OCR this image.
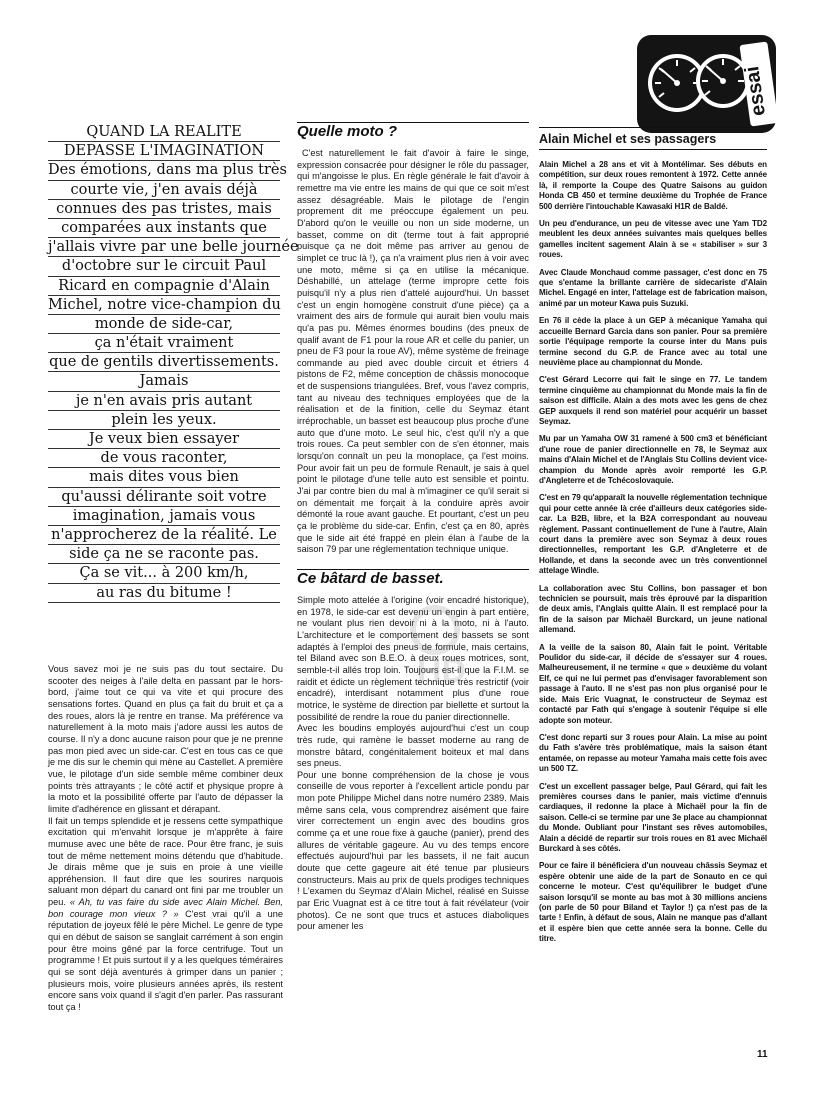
essai

QUAND LA REALITE

DEPASSE L'IMAGINATION

Des émotions, dans ma plus très

courte vie, j'en avais déjà

connues des pas tristes, mais

comparées aux instants que

j'allais vivre par une belle journée

d'octobre sur le circuit Paul

Ricard en compagnie d'Alain

Michel, notre vice-champion du

monde de side-car,

ça n'était vraiment

que de gentils divertissements.

Jamais

je n'en avais pris autant

plein les yeux.

Je veux bien essayer

de vous raconter,

mais dites vous bien

qu'aussi délirante soit votre

imagination, jamais vous

n'approcherez de la réalité. Le

side ça ne se raconte pas.

Ça se vit... à 200 km/h,

au ras du bitume !

Vous savez moi je ne suis pas du tout sectaire. Du scooter des neiges à l'aile delta en passant par le hors-bord, j'aime tout ce qui va vite et qui procure des sensations fortes. Quand en plus ça fait du bruit et ça a des roues, alors là je rentre en transe. Ma préférence va naturellement à la moto mais j'adore aussi les autos de course. Il n'y a donc aucune raison pour que je ne prenne pas mon pied avec un side-car. C'est en tous cas ce que je me dis sur le chemin qui mène au Castellet. A première vue, le pilotage d'un side semble même combiner deux points très attrayants ; le côté actif et physique propre à la moto et la possibilité offerte par l'auto de dépasser la limite d'adhérence en glissant et dérapant.

Il fait un temps splendide et je ressens cette sympathique excitation qui m'envahit lorsque je m'apprête à faire mumuse avec une bête de race. Pour être franc, je suis tout de même nettement moins détendu que d'habitude. Je dirais même que je suis en proie à une vieille appréhension. Il faut dire que les sourires narquois saluant mon départ du canard ont fini par me troubler un peu. « Ah, tu vas faire du side avec Alain Michel. Ben, bon courage mon vieux ? » C'est vrai qu'il a une réputation de joyeux fêlé le père Michel. Le genre de type qui en début de saison se sanglait carrément à son engin pour être moins gêné par la force centrifuge. Tout un programme ! Et puis surtout il y a les quelques téméraires qui se sont déjà aventurés à grimper dans un panier ; plusieurs mois, voire plusieurs années après, ils restent encore sans voix quand il s'agit d'en parler. Pas rassurant tout ça !

Quelle moto ?

C'est naturellement le fait d'avoir à faire le singe, expression consacrée pour désigner le rôle du passager, qui m'angoisse le plus. En règle générale le fait d'avoir à remettre ma vie entre les mains de qui que ce soit m'est assez désagréable. Mais le pilotage de l'engin proprement dit me préoccupe également un peu. D'abord qu'on le veuille ou non un side moderne, un basset, comme on dit (terme tout à fait approprié puisque ça ne doit même pas arriver au genou de simplet ce truc là !), ça n'a vraiment plus rien à voir avec une moto, même si ça en utilise la mécanique. Déshabillé, un attelage (terme impropre cette fois puisqu'il n'y a plus rien d'attelé aujourd'hui. Un basset c'est un engin homogène construit d'une pièce) ça a vraiment des airs de formule qui aurait bien voulu mais qu'a pas pu. Mêmes énormes boudins (des pneux de qualif avant de F1 pour la roue AR et celle du panier, un pneu de F3 pour la roue AV), même système de freinage commande au pied avec double circuit et étriers 4 pistons de F2, même conception de châssis monocoque et de suspensions triangulées. Bref, vous l'avez compris, tant au niveau des techniques employées que de la réalisation et de la finition, celle du Seymaz étant irréprochable, un basset est beaucoup plus proche d'une auto que d'une moto. Le seul hic, c'est qu'il n'y a que trois roues. Ca peut sembler con de s'en étonner, mais lorsqu'on connaît un peu la monoplace, ça l'est moins. Pour avoir fait un peu de formule Renault, je sais à quel point le pilotage d'une telle auto est sensible et pointu. J'ai par contre bien du mal à m'imaginer ce qu'il serait si on démentait me forçait à la conduire après avoir démonté la roue avant gauche. Et pourtant, c'est un peu ça le problème du side-car. Enfin, c'est ça en 80, après que le side ait été frappé en plein élan à l'aube de la saison 79 par une réglementation technique unique.

Ce bâtard de basset.

Simple moto attelée à l'origine (voir encadré historique), en 1978, le side-car est devenu un engin à part entière, ne voulant plus rien devoir ni à la moto, ni à l'auto. L'architecture et le comportement des bassets se sont adaptés à l'emploi des pneus de formule, mais certains, tel Biland avec son B.E.O. à deux roues motrices, sont, semble-t-il allés trop loin. Toujours est-il que la F.I.M. se raidit et édicte un règlement technique très restrictif (voir encadré), interdisant notamment plus d'une roue motrice, le système de direction par biellette et surtout la possibilité de rendre la roue du panier directionnelle.

Avec les boudins employés aujourd'hui c'est un coup très rude, qui ramène le basset moderne au rang de monstre bâtard, congénitalement boiteux et mal dans ses pneus.

Pour une bonne compréhension de la chose je vous conseille de vous reporter à l'excellent article pondu par mon pote Philippe Michel dans notre numéro 2389. Mais même sans cela, vous comprendrez aisément que faire virer correctement un engin avec des boudins gros comme ça et une roue fixe à gauche (panier), prend des allures de véritable gageure. Au vu des temps encore effectués aujourd'hui par les bassets, il ne fait aucun doute que cette gageure ait été tenue par plusieurs constructeurs. Mais au prix de quels prodiges techniques ! L'examen du Seymaz d'Alain Michel, réalisé en Suisse par Eric Vuagnat est à ce titre tout à fait révélateur (voir photos). Ce ne sont que trucs et astuces diaboliques pour amener les

HD
Alain Michel et ses passagers

Alain Michel a 28 ans et vit à Montélimar. Ses débuts en compétition, sur deux roues remontent à 1972. Cette année là, il remporte la Coupe des Quatre Saisons au guidon Honda CB 450 et termine deuxième du Trophée de France 500 derrière l'intouchable Kawasaki H1R de Baldé.

Un peu d'endurance, un peu de vitesse avec une Yam TD2 meublent les deux années suivantes mais quelques belles gamelles incitent sagement Alain à se « stabiliser » sur 3 roues.

Avec Claude Monchaud comme passager, c'est donc en 75 que s'entame la brillante carrière de sidecariste d'Alain Michel. Engagé en inter, l'attelage est de fabrication maison, animé par un moteur Kawa puis Suzuki.

En 76 il cède la place à un GEP à mécanique Yamaha qui accueille Bernard Garcia dans son panier. Pour sa première sortie l'équipage remporte la course inter du Mans puis termine second du G.P. de France avec au total une neuvième place au championnat du Monde.

C'est Gérard Lecorre qui fait le singe en 77. Le tandem termine cinquième au championnat du Monde mais la fin de saison est difficile. Alain a des mots avec les gens de chez GEP auxquels il rend son matériel pour acquérir un basset Seymaz.

Mu par un Yamaha OW 31 ramené à 500 cm3 et bénéficiant d'une roue de panier directionnelle en 78, le Seymaz aux mains d'Alain Michel et de l'Anglais Stu Collins devient vice-champion du Monde après avoir remporté les G.P. d'Angleterre et de Tchécoslovaquie.

C'est en 79 qu'apparaît la nouvelle réglementation technique qui pour cette année là crée d'ailleurs deux catégories side-car. La B2B, libre, et la B2A correspondant au nouveau règlement. Passant continuellement de l'une à l'autre, Alain court dans la première avec son Seymaz à deux roues directionnelles, remportant les G.P. d'Angleterre et de Hollande, et dans la seconde avec un très conventionnel attelage Windle.

La collaboration avec Stu Collins, bon passager et bon technicien se poursuit, mais très éprouvé par la disparition de deux amis, l'Anglais quitte Alain. Il est remplacé pour la fin de la saison par Michaël Burckard, un jeune national allemand.

A la veille de la saison 80, Alain fait le point. Véritable Poulidor du side-car, il décide de s'essayer sur 4 roues. Malheureusement, il ne termine « que » deuxième du volant Elf, ce qui ne lui permet pas d'envisager favorablement son passage à l'auto. Il ne s'est pas non plus organisé pour le side. Mais Eric Vuagnat, le constructeur de Seymaz est contacté par Fath qui s'engage à soutenir l'équipe si elle adopte son moteur.

C'est donc reparti sur 3 roues pour Alain. La mise au point du Fath s'avère très problématique, mais la saison étant entamée, on repasse au moteur Yamaha mais cette fois avec un 500 TZ.

C'est un excellent passager belge, Paul Gérard, qui fait les premières courses dans le panier, mais victime d'ennuis cardiaques, il redonne la place à Michaël pour la fin de saison. Celle-ci se termine par une 3e place au championnat du Monde. Oubliant pour l'instant ses rêves automobiles, Alain a décidé de repartir sur trois roues en 81 avec Michaël Burckard à ses côtés.

Pour ce faire il bénéficiera d'un nouveau châssis Seymaz et espère obtenir une aide de la part de Sonauto en ce qui concerne le moteur. C'est qu'équilibrer le budget d'une saison lorsqu'il se monte au bas mot à 30 millions anciens (on parle de 50 pour Biland et Taylor !) ça n'est pas de la tarte ! Enfin, à défaut de sous, Alain ne manque pas d'allant et il espère bien que cette année sera la bonne. Celle du titre.

11
